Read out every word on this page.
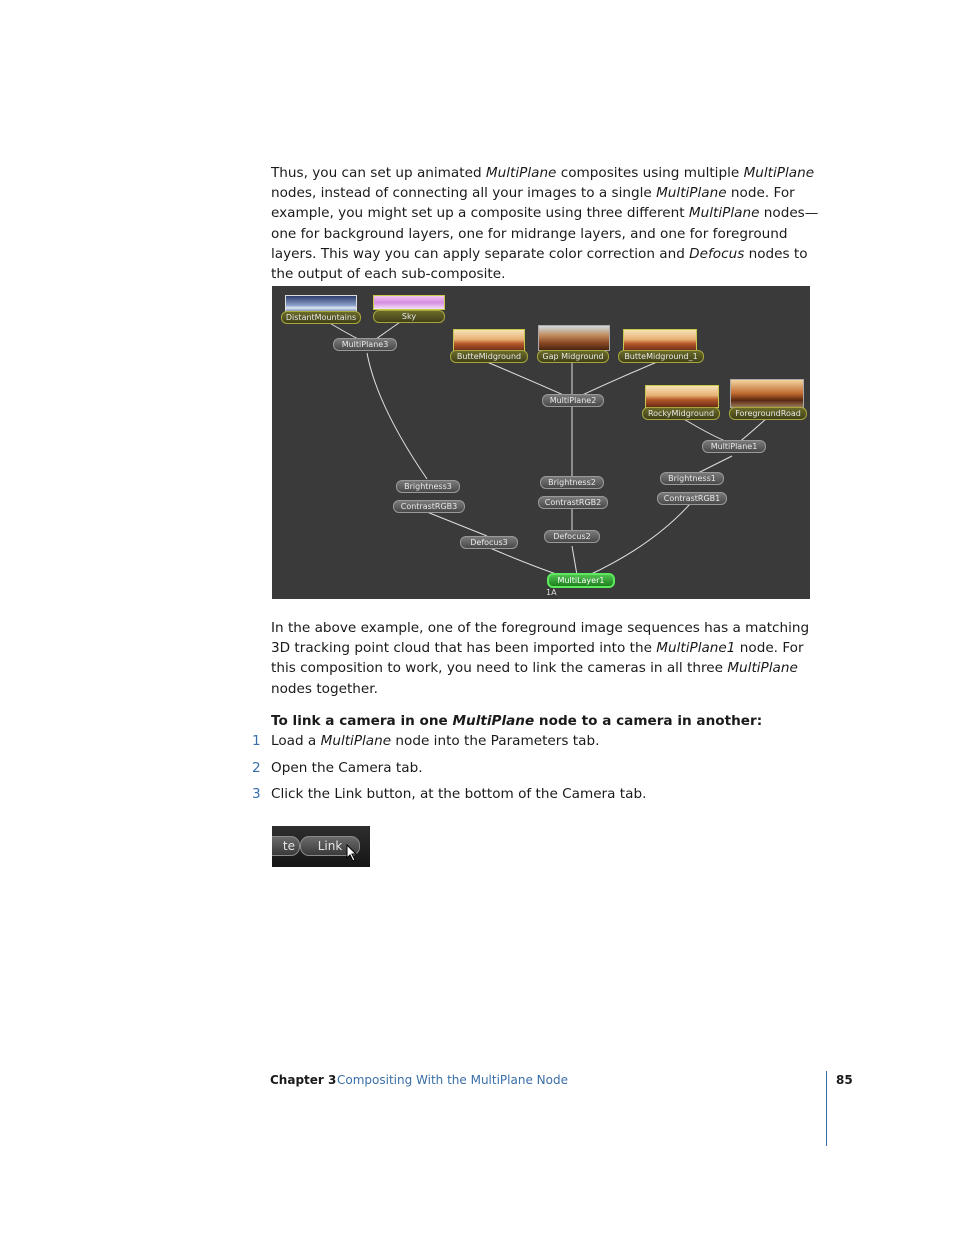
Thus, you can set up animated MultiPlane composites using multiple MultiPlane nodes, instead of connecting all your images to a single MultiPlane node. For example, you might set up a composite using three different MultiPlane nodes—one for background layers, one for midrange layers, and one for foreground layers. This way you can apply separate color correction and Defocus nodes to the output of each sub-composite.

DistantMountains	Sky
MultiPlane3
ButteMidground	Gap Midground	ButteMidground_1
MultiPlane2
RockyMidground	ForegroundRoad
MultiPlane1
Brightness3
ContrastRGB3
Brightness2
ContrastRGB2
Brightness1
ContrastRGB1
Defocus3
Defocus2
MultiLayer1
1A

In the above example, one of the foreground image sequences has a matching 3D tracking point cloud that has been imported into the MultiPlane1 node. For this composition to work, you need to link the cameras in all three MultiPlane nodes together.

To link a camera in one MultiPlane node to a camera in another:

1 Load a MultiPlane node into the Parameters tab.
2 Open the Camera tab.
3 Click the Link button, at the bottom of the Camera tab.
te	Link
Chapter 3 Compositing With the MultiPlane Node	85
